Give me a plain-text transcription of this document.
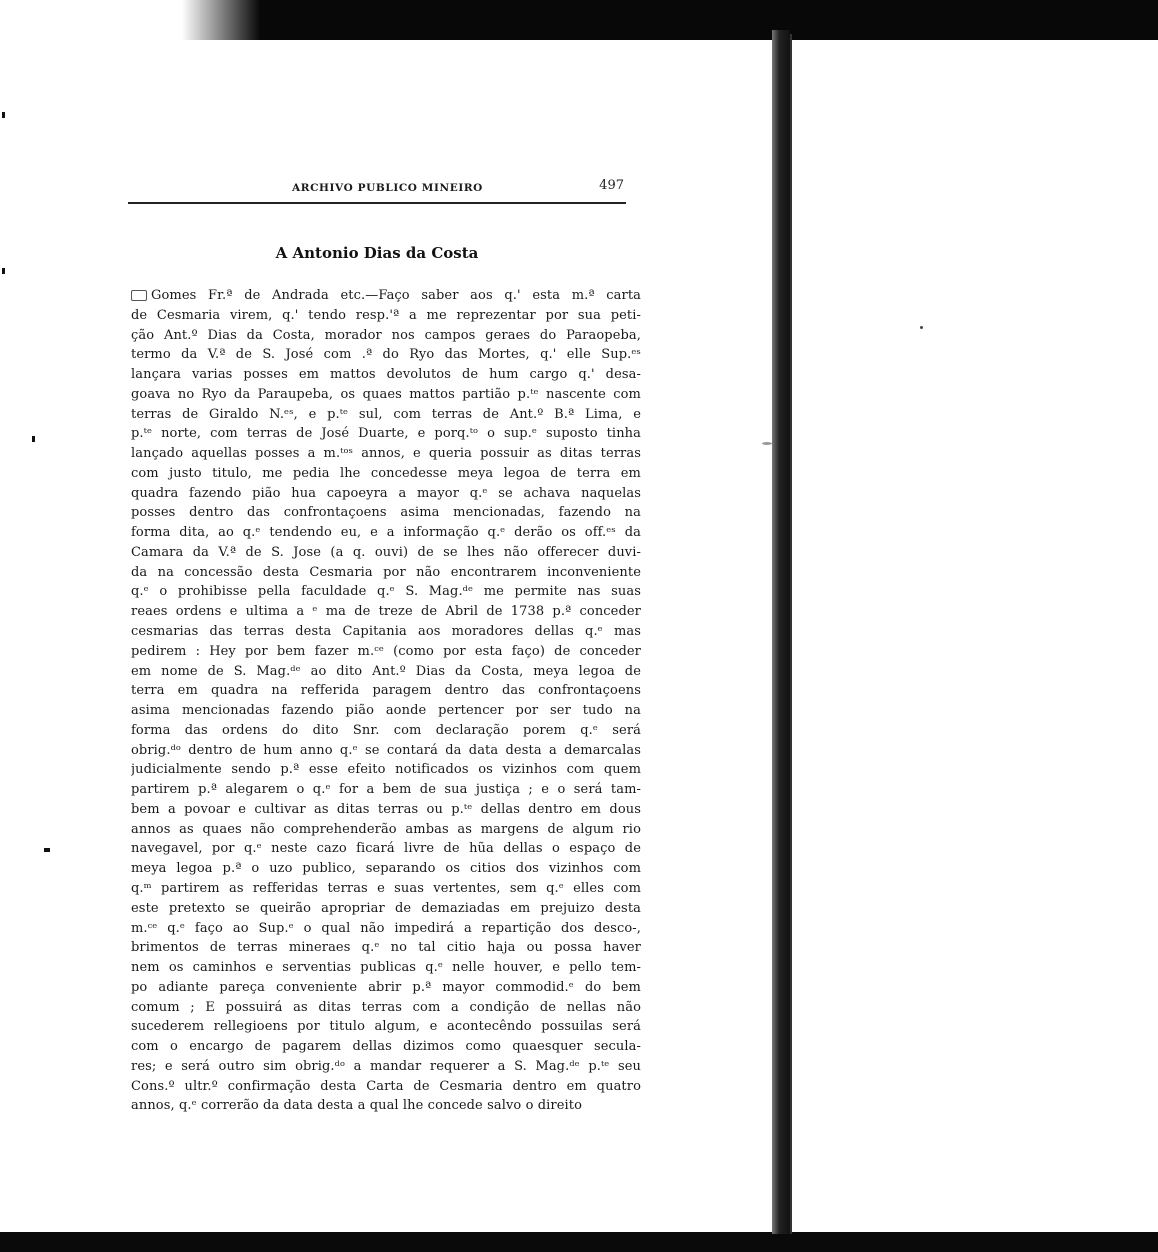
ARCHIVO PUBLICO MINEIRO	497

A Antonio Dias da Costa
Gomes Fr.ª de Andrada etc.—Faço saber aos q.' esta m.ª carta
de Cesmaria virem, q.' tendo resp.'ª a me reprezentar por sua peti-
ção Ant.º Dias da Costa, morador nos campos geraes do Paraopeba,
termo da V.ª de S. José com .ª do Ryo das Mortes, q.' elle Sup.ᵉˢ
lançara varias posses em mattos devolutos de hum cargo q.' desa-
goava no Ryo da Paraupeba, os quaes mattos partião p.ᵗᵉ nascente com
terras de Giraldo N.ᵉˢ, e p.ᵗᵉ sul, com terras de Ant.º B.ª Lima, e
p.ᵗᵉ norte, com terras de José Duarte, e porq.ᵗᵒ o sup.ᵉ suposto tinha
lançado aquellas posses a m.ᵗᵒˢ annos, e queria possuir as ditas terras
com justo titulo, me pedia lhe concedesse meya legoa de terra em
quadra fazendo pião hua capoeyra a mayor q.ᵉ se achava naquelas
posses dentro das confrontaçoens asima mencionadas, fazendo na
forma dita, ao q.ᵉ tendendo eu, e a informação q.ᵉ derão os off.ᵉˢ da
Camara da V.ª de S. Jose (a q. ouvi) de se lhes não offerecer duvi-
da na concessão desta Cesmaria por não encontrarem inconveniente
q.ᵉ o prohibisse pella faculdade q.ᵉ S. Mag.ᵈᵉ me permite nas suas
reaes ordens e ultima a ᵉ ma de treze de Abril de 1738 p.ª conceder
cesmarias das terras desta Capitania aos moradores dellas q.ᵉ mas
pedirem : Hey por bem fazer m.ᶜᵉ (como por esta faço) de conceder
em nome de S. Mag.ᵈᵉ ao dito Ant.º Dias da Costa, meya legoa de
terra em quadra na refferida paragem dentro das confrontaçoens
asima mencionadas fazendo pião aonde pertencer por ser tudo na
forma das ordens do dito Snr. com declaração porem q.ᵉ será
obrig.ᵈᵒ dentro de hum anno q.ᵉ se contará da data desta a demarcalas
judicialmente sendo p.ª esse efeito notificados os vizinhos com quem
partirem p.ª alegarem o q.ᵉ for a bem de sua justiça ; e o será tam-
bem a povoar e cultivar as ditas terras ou p.ᵗᵉ dellas dentro em dous
annos as quaes não comprehenderão ambas as margens de algum rio
navegavel, por q.ᵉ neste cazo ficará livre de hũa dellas o espaço de
meya legoa p.ª o uzo publico, separando os citios dos vizinhos com
q.ᵐ partirem as refferidas terras e suas vertentes, sem q.ᵉ elles com
este pretexto se queirão apropriar de demaziadas em prejuizo desta
m.ᶜᵉ q.ᵉ faço ao Sup.ᵉ o qual não impedirá a repartição dos desco-,
brimentos de terras mineraes q.ᵉ no tal citio haja ou possa haver
nem os caminhos e serventias publicas q.ᵉ nelle houver, e pello tem-
po adiante pareça conveniente abrir p.ª mayor commodid.ᵉ do bem
comum ; E possuirá as ditas terras com a condição de nellas não
sucederem rellegioens por titulo algum, e acontecêndo possuilas será
com o encargo de pagarem dellas dizimos como quaesquer secula-
res; e será outro sim obrig.ᵈᵒ a mandar requerer a S. Mag.ᵈᵉ p.ᵗᵉ seu
Cons.º ultr.º confirmação desta Carta de Cesmaria dentro em quatro
annos, q.ᵉ correrão da data desta a qual lhe concede salvo o direito
